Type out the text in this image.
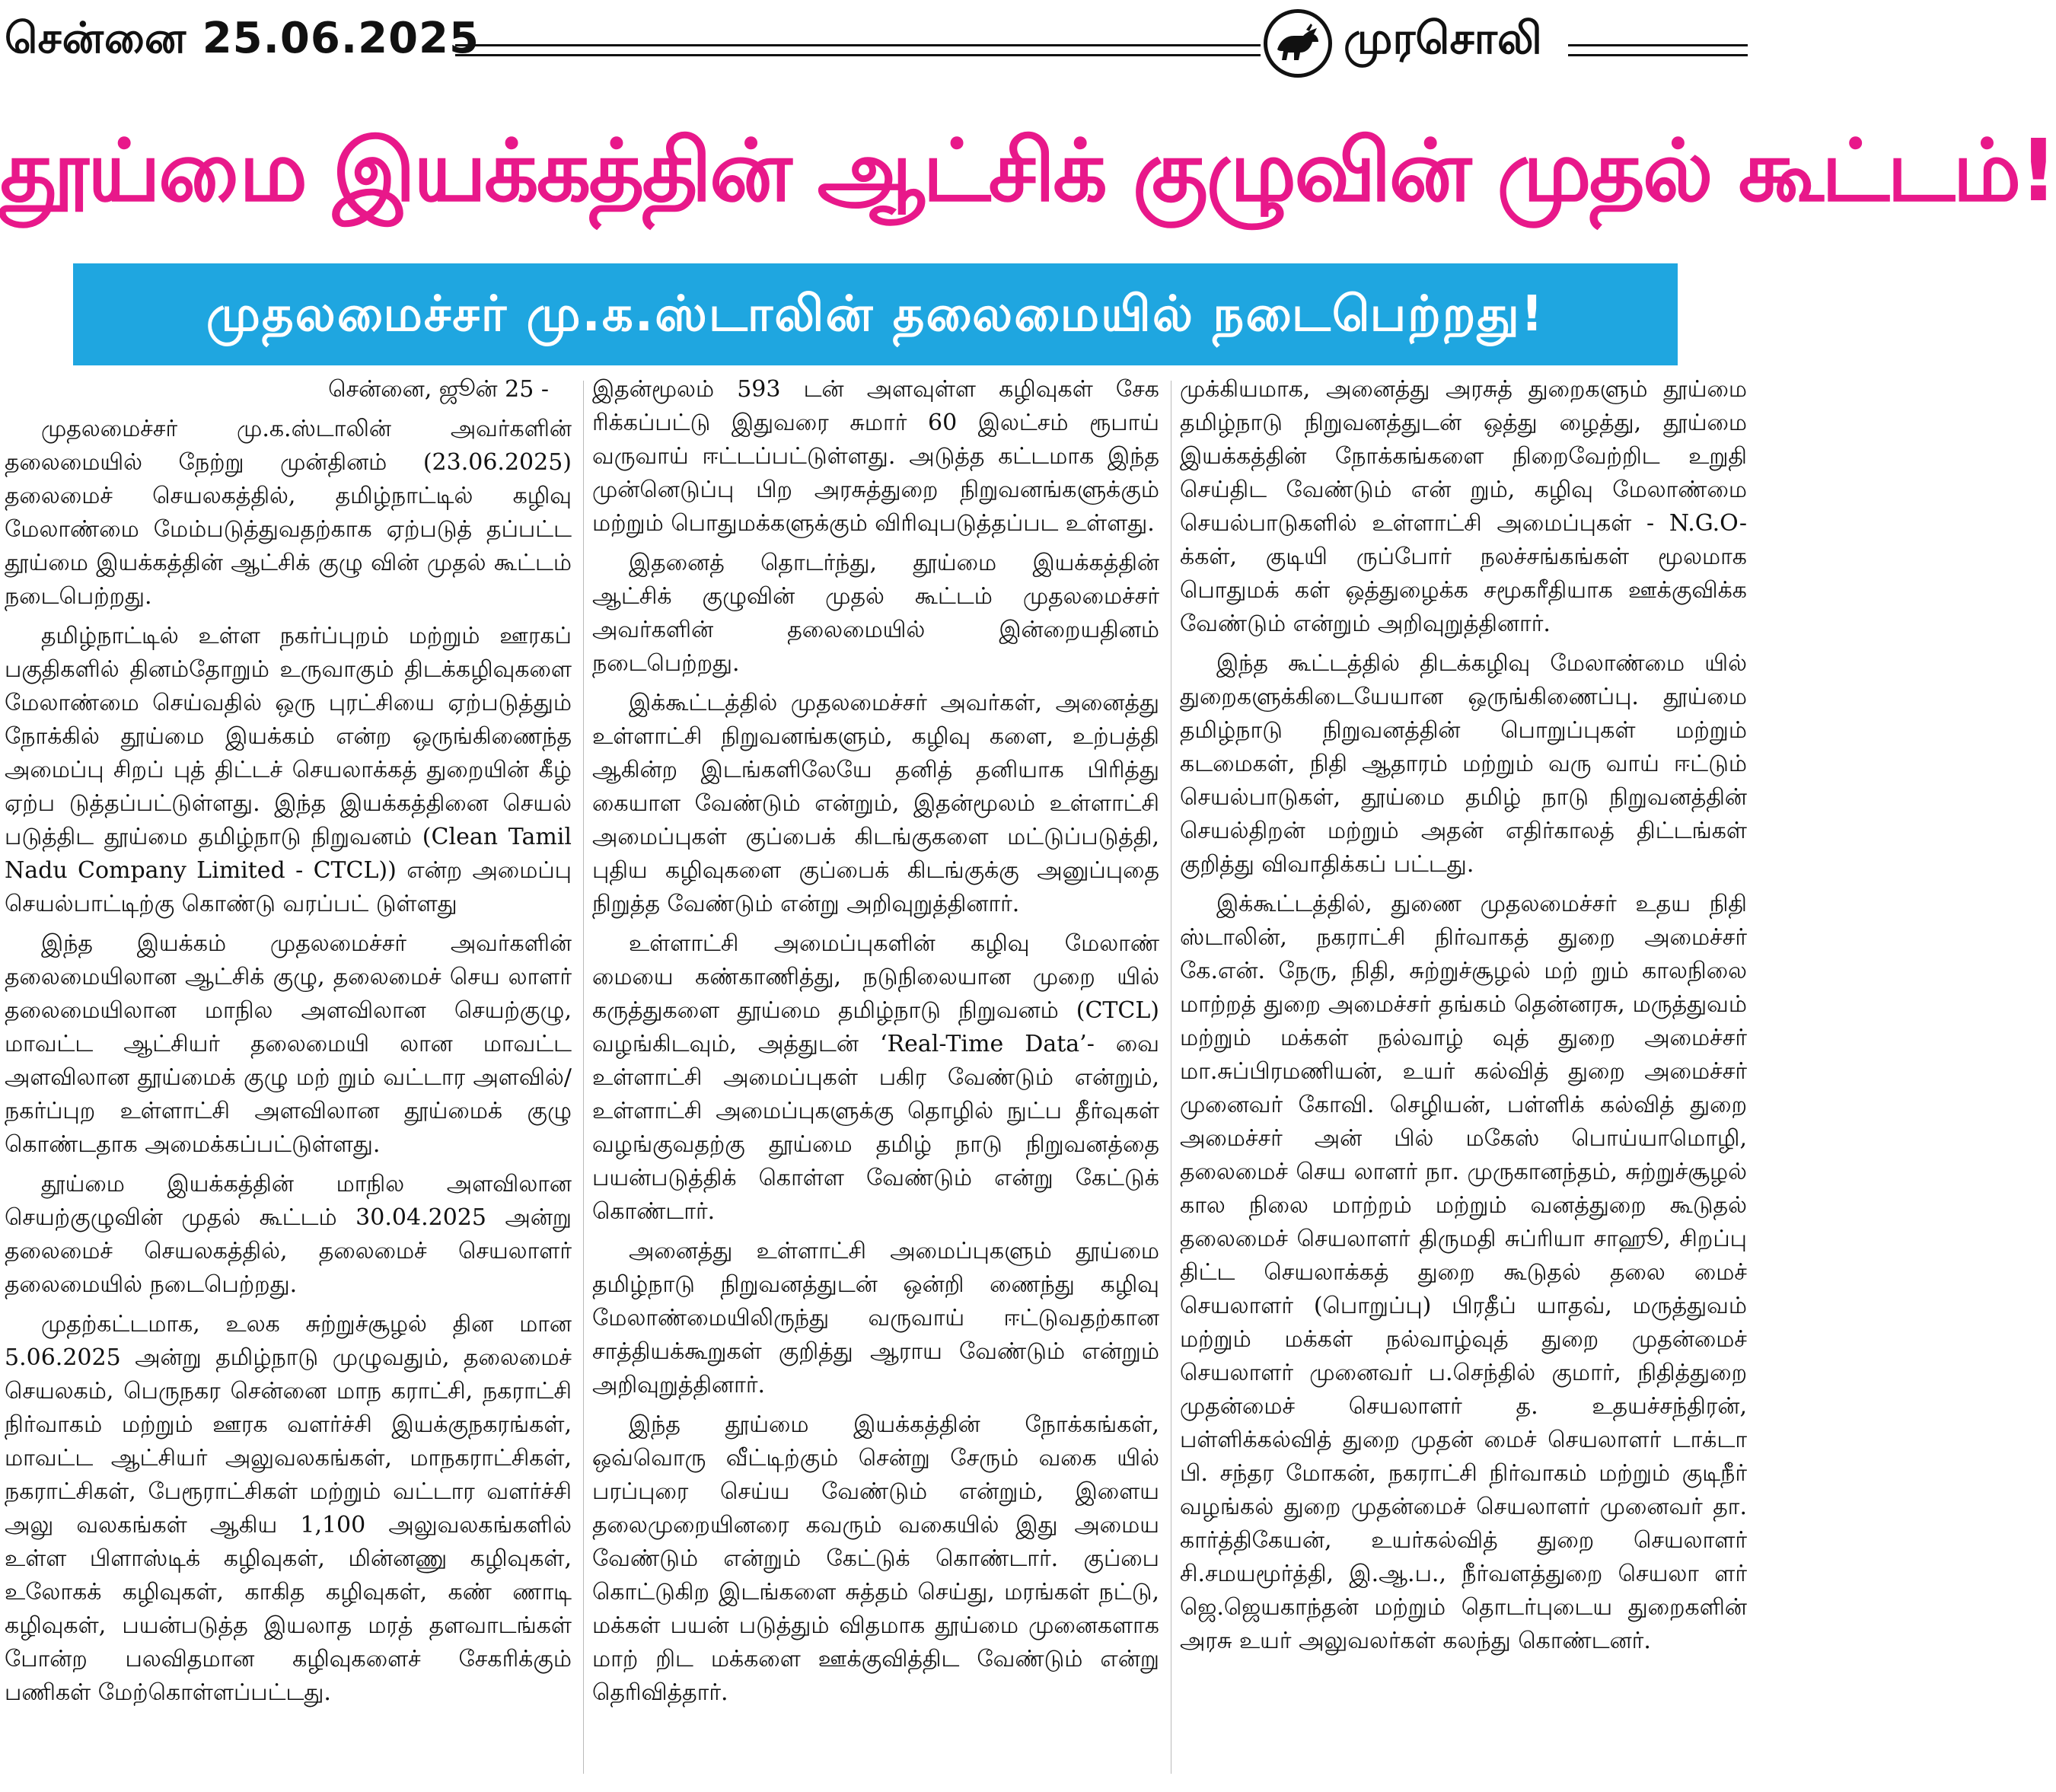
சென்னை 25.06.2025	முரசொலி
தூய்மை இயக்கத்தின் ஆட்சிக் குழுவின் முதல் கூட்டம்!
முதலமைச்சர் மு.க.ஸ்டாலின் தலைமையில் நடைபெற்றது!

சென்னை, ஜூன் 25 -

முதலமைச்சர் மு.க.ஸ்டாலின் அவர்களின் தலைமையில் நேற்று முன்தினம் (23.06.2025) தலைமைச் செயலகத்தில், தமிழ்நாட்டில் கழிவு மேலாண்மை மேம்படுத்துவதற்காக ஏற்படுத் தப்பட்ட தூய்மை இயக்கத்தின் ஆட்சிக் குழு வின் முதல் கூட்டம் நடைபெற்றது.

தமிழ்நாட்டில் உள்ள நகர்ப்புறம் மற்றும் ஊரகப் பகுதிகளில் தினம்தோறும் உருவாகும் திடக்கழிவுகளை மேலாண்மை செய்வதில் ஒரு புரட்சியை ஏற்படுத்தும் நோக்கில் தூய்மை இயக்கம் என்ற ஒருங்கிணைந்த அமைப்பு சிறப் புத் திட்டச் செயலாக்கத் துறையின் கீழ் ஏற்ப டுத்தப்பட்டுள்ளது. இந்த இயக்கத்தினை செயல் படுத்திட தூய்மை தமிழ்நாடு நிறுவனம் (Clean Tamil Nadu Company Limited - CTCL)) என்ற அமைப்பு செயல்பாட்டிற்கு கொண்டு வரப்பட் டுள்ளது

இந்த இயக்கம் முதலமைச்சர் அவர்களின் தலைமையிலான ஆட்சிக் குழு, தலைமைச் செய லாளர் தலைமையிலான மாநில அளவிலான செயற்குழு, மாவட்ட ஆட்சியர் தலைமையி லான மாவட்ட அளவிலான தூய்மைக் குழு மற் றும் வட்டார அளவில்/ நகர்ப்புற உள்ளாட்சி அளவிலான தூய்மைக் குழு கொண்டதாக அமைக்கப்பட்டுள்ளது.

தூய்மை இயக்கத்தின் மாநில அளவிலான செயற்குழுவின் முதல் கூட்டம் 30.04.2025 அன்று தலைமைச் செயலகத்தில், தலைமைச் செயலாளர் தலைமையில் நடைபெற்றது.

முதற்கட்டமாக, உலக சுற்றுச்சூழல் தின மான 5.06.2025 அன்று தமிழ்நாடு முழுவதும், தலைமைச் செயலகம், பெருநகர சென்னை மாந கராட்சி, நகராட்சி நிர்வாகம் மற்றும் ஊரக வளர்ச்சி இயக்குநகரங்கள், மாவட்ட ஆட்சியர் அலுவலகங்கள், மாநகராட்சிகள், நகராட்சிகள், பேரூராட்சிகள் மற்றும் வட்டார வளர்ச்சி அலு வலகங்கள் ஆகிய 1,100 அலுவலகங்களில் உள்ள பிளாஸ்டிக் கழிவுகள், மின்னணு கழிவுகள், உலோகக் கழிவுகள், காகித கழிவுகள், கண் ணாடி கழிவுகள், பயன்படுத்த இயலாத மரத் தளவாடங்கள் போன்ற பலவிதமான கழிவுகளைச் சேகரிக்கும் பணிகள் மேற்கொள்ளப்பட்டது.

இதன்மூலம் 593 டன் அளவுள்ள கழிவுகள் சேக ரிக்கப்பட்டு இதுவரை சுமார் 60 இலட்சம் ரூபாய் வருவாய் ஈட்டப்பட்டுள்ளது. அடுத்த கட்டமாக இந்த முன்னெடுப்பு பிற அரசுத்துறை நிறுவனங்களுக்கும் மற்றும் பொதுமக்களுக்கும் விரிவுபடுத்தப்பட உள்ளது.

இதனைத் தொடர்ந்து, தூய்மை இயக்கத்தின் ஆட்சிக் குழுவின் முதல் கூட்டம் முதலமைச்சர் அவர்களின் தலைமையில் இன்றையதினம் நடைபெற்றது.

இக்கூட்டத்தில் முதலமைச்சர் அவர்கள், அனைத்து உள்ளாட்சி நிறுவனங்களும், கழிவு களை, உற்பத்தி ஆகின்ற இடங்களிலேயே தனித் தனியாக பிரித்து கையாள வேண்டும் என்றும், இதன்மூலம் உள்ளாட்சி அமைப்புகள் குப்பைக் கிடங்குகளை மட்டுப்படுத்தி, புதிய கழிவுகளை குப்பைக் கிடங்குக்கு அனுப்புதை நிறுத்த வேண்டும் என்று அறிவுறுத்தினார்.

உள்ளாட்சி அமைப்புகளின் கழிவு மேலாண் மையை கண்காணித்து, நடுநிலையான முறை யில் கருத்துகளை தூய்மை தமிழ்நாடு நிறுவனம் (CTCL) வழங்கிடவும், அத்துடன் ‘Real-Time Data’- வை உள்ளாட்சி அமைப்புகள் பகிர வேண்டும் என்றும், உள்ளாட்சி அமைப்புகளுக்கு தொழில் நுட்ப தீர்வுகள் வழங்குவதற்கு தூய்மை தமிழ் நாடு நிறுவனத்தை பயன்படுத்திக் கொள்ள வேண்டும் என்று கேட்டுக் கொண்டார்.

அனைத்து உள்ளாட்சி அமைப்புகளும் தூய்மை தமிழ்நாடு நிறுவனத்துடன் ஒன்றி ணைந்து கழிவு மேலாண்மையிலிருந்து வருவாய் ஈட்டுவதற்கான சாத்தியக்கூறுகள் குறித்து ஆராய வேண்டும் என்றும் அறிவுறுத்தினார்.

இந்த தூய்மை இயக்கத்தின் நோக்கங்கள், ஒவ்வொரு வீட்டிற்கும் சென்று சேரும் வகை யில் பரப்புரை செய்ய வேண்டும் என்றும், இளைய தலைமுறையினரை கவரும் வகையில் இது அமைய வேண்டும் என்றும் கேட்டுக் கொண்டார். குப்பை கொட்டுகிற இடங்களை சுத்தம் செய்து, மரங்கள் நட்டு, மக்கள் பயன் படுத்தும் விதமாக தூய்மை முனைகளாக மாற் றிட மக்களை ஊக்குவித்திட வேண்டும் என்று தெரிவித்தார்.

முக்கியமாக, அனைத்து அரசுத் துறைகளும் தூய்மை தமிழ்நாடு நிறுவனத்துடன் ஒத்து ழைத்து, தூய்மை இயக்கத்தின் நோக்கங்களை நிறைவேற்றிட உறுதி செய்திட வேண்டும் என் றும், கழிவு மேலாண்மை செயல்பாடுகளில் உள்ளாட்சி அமைப்புகள் - N.G.O-க்கள், குடியி ருப்போர் நலச்சங்கங்கள் மூலமாக பொதுமக் கள் ஒத்துழைக்க சமூகரீதியாக ஊக்குவிக்க வேண்டும் என்றும் அறிவுறுத்தினார்.

இந்த கூட்டத்தில் திடக்கழிவு மேலாண்மை யில் துறைகளுக்கிடையேயான ஒருங்கிணைப்பு. தூய்மை தமிழ்நாடு நிறுவனத்தின் பொறுப்புகள் மற்றும் கடமைகள், நிதி ஆதாரம் மற்றும் வரு வாய் ஈட்டும் செயல்பாடுகள், தூய்மை தமிழ் நாடு நிறுவனத்தின் செயல்திறன் மற்றும் அதன் எதிர்காலத் திட்டங்கள் குறித்து விவாதிக்கப் பட்டது.

இக்கூட்டத்தில், துணை முதலமைச்சர் உதய நிதி ஸ்டாலின், நகராட்சி நிர்வாகத் துறை அமைச்சர் கே.என். நேரு, நிதி, சுற்றுச்சூழல் மற் றும் காலநிலை மாற்றத் துறை அமைச்சர் தங்கம் தென்னரசு, மருத்துவம் மற்றும் மக்கள் நல்வாழ் வுத் துறை அமைச்சர் மா.சுப்பிரமணியன், உயர் கல்வித் துறை அமைச்சர் முனைவர் கோவி. செழியன், பள்ளிக் கல்வித் துறை அமைச்சர் அன் பில் மகேஸ் பொய்யாமொழி, தலைமைச் செய லாளர் நா. முருகானந்தம், சுற்றுச்சூழல் கால நிலை மாற்றம் மற்றும் வனத்துறை கூடுதல் தலைமைச் செயலாளர் திருமதி சுப்ரியா சாஹூ, சிறப்பு திட்ட செயலாக்கத் துறை கூடுதல் தலை மைச் செயலாளர் (பொறுப்பு) பிரதீப் யாதவ், மருத்துவம் மற்றும் மக்கள் நல்வாழ்வுத் துறை முதன்மைச் செயலாளர் முனைவர் ப.செந்தில் குமார், நிதித்துறை முதன்மைச் செயலாளர் த. உதயச்சந்திரன், பள்ளிக்கல்வித் துறை முதன் மைச் செயலாளர் டாக்டா பி. சந்தர மோகன், நகராட்சி நிர்வாகம் மற்றும் குடிநீர் வழங்கல் துறை முதன்மைச் செயலாளர் முனைவர் தா. கார்த்திகேயன், உயர்கல்வித் துறை செயலாளர் சி.சமயமூர்த்தி, இ.ஆ.ப., நீர்வளத்துறை செயலா ளர் ஜெ.ஜெயகாந்தன் மற்றும் தொடர்புடைய துறைகளின் அரசு உயர் அலுவலர்கள் கலந்து கொண்டனர்.
